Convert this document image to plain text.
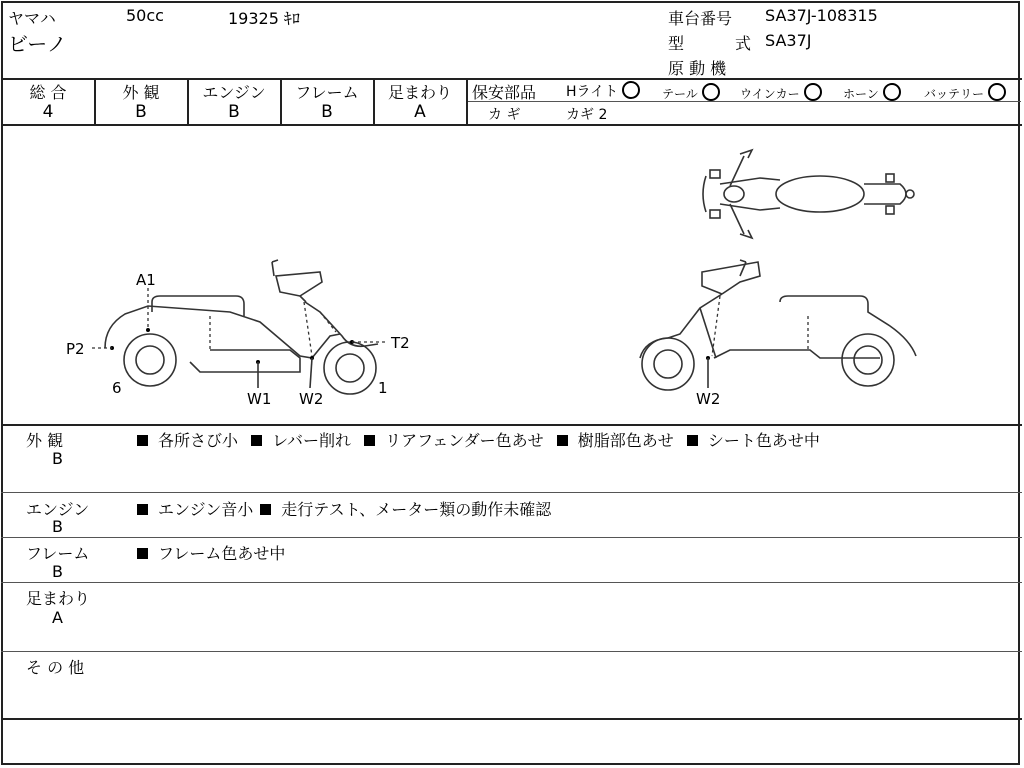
ヤマハ	50cc	19325 ｷﾛ
ビーノ
車台番号 SA37J-108315
型	式 SA37J
原 動 機
総 合
4
外 観
B
エンジン
B
フレーム
B
足まわり
A
保安部品 Hライト	テール	ウインカー	ホーン	バッテリー
カ ギ	カギ 2
A1
P2
6
W1 W2
1
T2
W2
外 観
B
各所さび小 レバー削れ リアフェンダー色あせ 樹脂部色あせ シート色あせ中
エンジン
B
エンジン音小 走行テスト、メーター類の動作未確認
フレーム
B
フレーム色あせ中
足まわり
A
そ の 他
